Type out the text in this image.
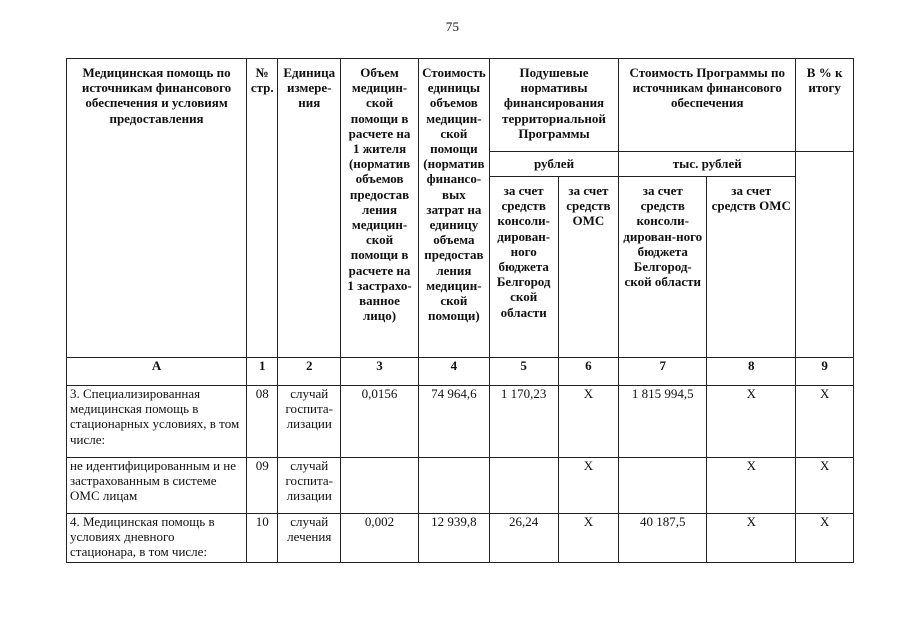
75
Медицинская помощь по источникам финансового обеспечения и условиям предоставления	№ стр.	Единица измере-ния	Объем медицин-ской помощи в расчете на 1 жителя (норматив объемов предостав ления медицин-ской помощи в расчете на 1 застрахо-ванное лицо)	Стоимость единицы объемов медицин-ской помощи (норматив финансо-вых затрат на единицу объема предостав ления медицин-ской помощи)	Подушевые нормативы финансирования территориальной Программы		Стоимость Программы по источникам финансового обеспечения		В % к итогу
					рублей		тыс. рублей		
					за счет средств консоли-дирован-ного бюджета Белгород ской области	за счет средств ОМС	за счет средств консоли-дирован-ного бюджета Белгород-ской области	за счет средств ОМС	
А	1	2	3	4	5	6	7	8	9
3. Специализированная медицинская помощь в стационарных условиях, в том числе:	08	случай госпита-лизации	0,0156	74 964,6	1 170,23	Х	1 815 994,5	Х	Х
не идентифицированным и не застрахованным в системе ОМС лицам	09	случай госпита-лизации				Х		Х	Х
4. Медицинская помощь в условиях дневного стационара, в том числе:	10	случай лечения	0,002	12 939,8	26,24	Х	40 187,5	Х	Х
